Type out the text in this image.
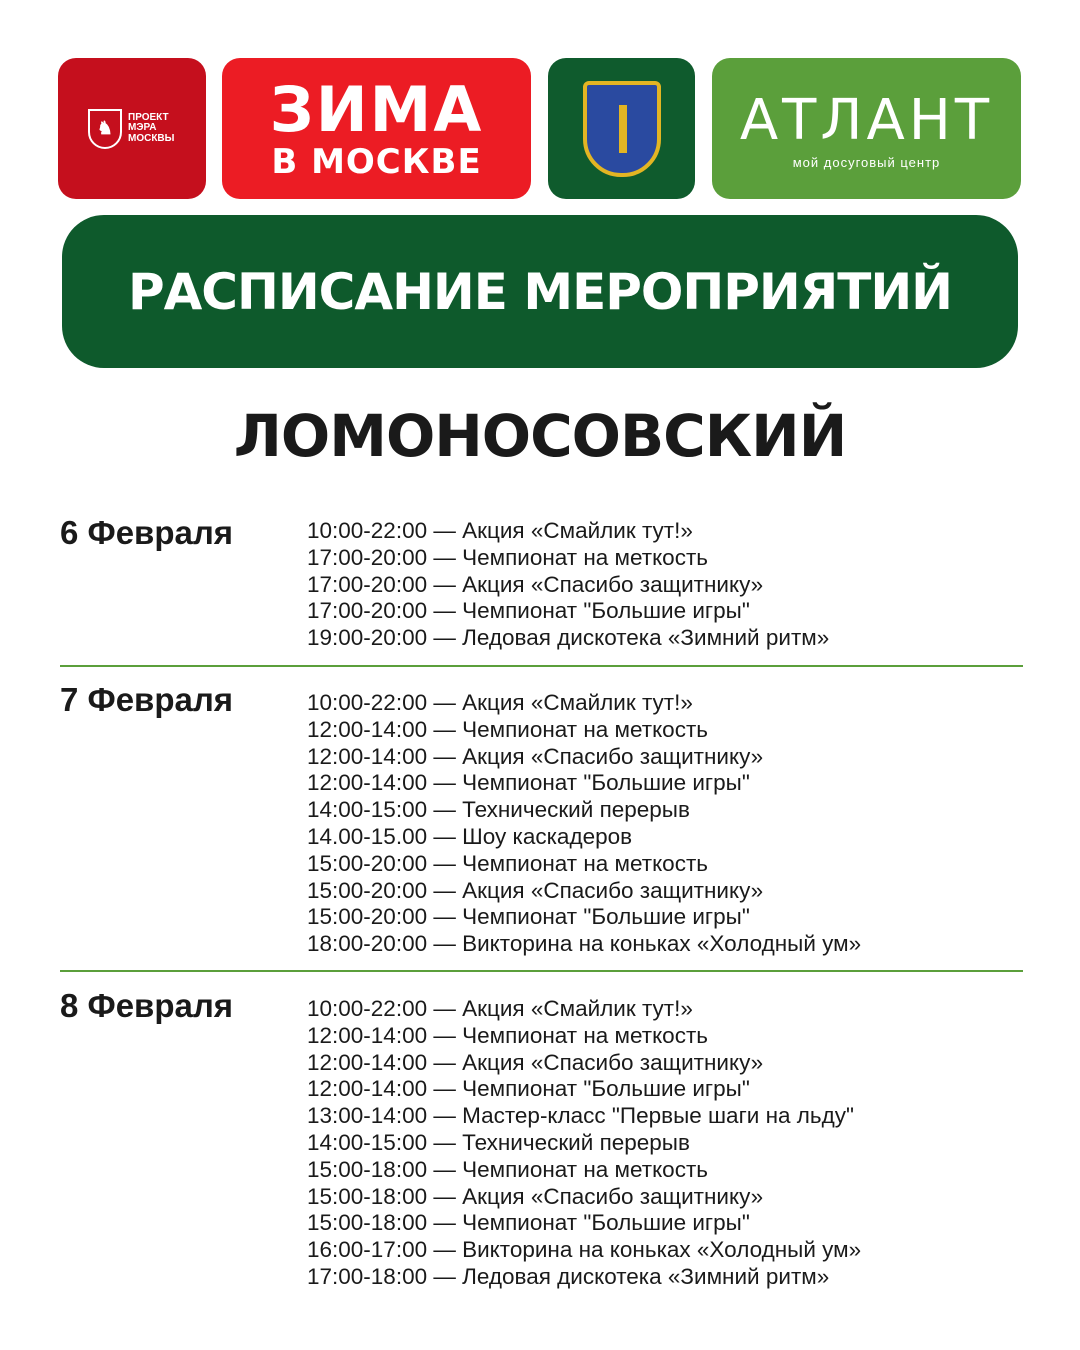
♞
ПРОЕКТ МЭРА МОСКВЫ ЗИМА
В МОСКВЕ
АТЛАНТ
мой досуговый центр
РАСПИСАНИЕ МЕРОПРИЯТИЙ
ЛОМОНОСОВСКИЙ
6 Февраля	10:00-22:00 — Акция «Смайлик тут!»
17:00-20:00 — Чемпионат на меткость
17:00-20:00 — Акция «Спасибо защитнику»
17:00-20:00 — Чемпионат "Большие игры"
19:00-20:00 — Ледовая дискотека «Зимний ритм»
7 Февраля	10:00-22:00 — Акция «Смайлик тут!»
12:00-14:00 — Чемпионат на меткость
12:00-14:00 — Акция «Спасибо защитнику»
12:00-14:00 — Чемпионат "Большие игры"
14:00-15:00 — Технический перерыв
14.00-15.00 — Шоу каскадеров
15:00-20:00 — Чемпионат на меткость
15:00-20:00 — Акция «Спасибо защитнику»
15:00-20:00 — Чемпионат "Большие игры"
18:00-20:00 — Викторина на коньках «Холодный ум»
8 Февраля	10:00-22:00 — Акция «Смайлик тут!»
12:00-14:00 — Чемпионат на меткость
12:00-14:00 — Акция «Спасибо защитнику»
12:00-14:00 — Чемпионат "Большие игры"
13:00-14:00 — Мастер-класс "Первые шаги на льду"
14:00-15:00 — Технический перерыв
15:00-18:00 — Чемпионат на меткость
15:00-18:00 — Акция «Спасибо защитнику»
15:00-18:00 — Чемпионат "Большие игры"
16:00-17:00 — Викторина на коньках «Холодный ум»
17:00-18:00 — Ледовая дискотека «Зимний ритм»
